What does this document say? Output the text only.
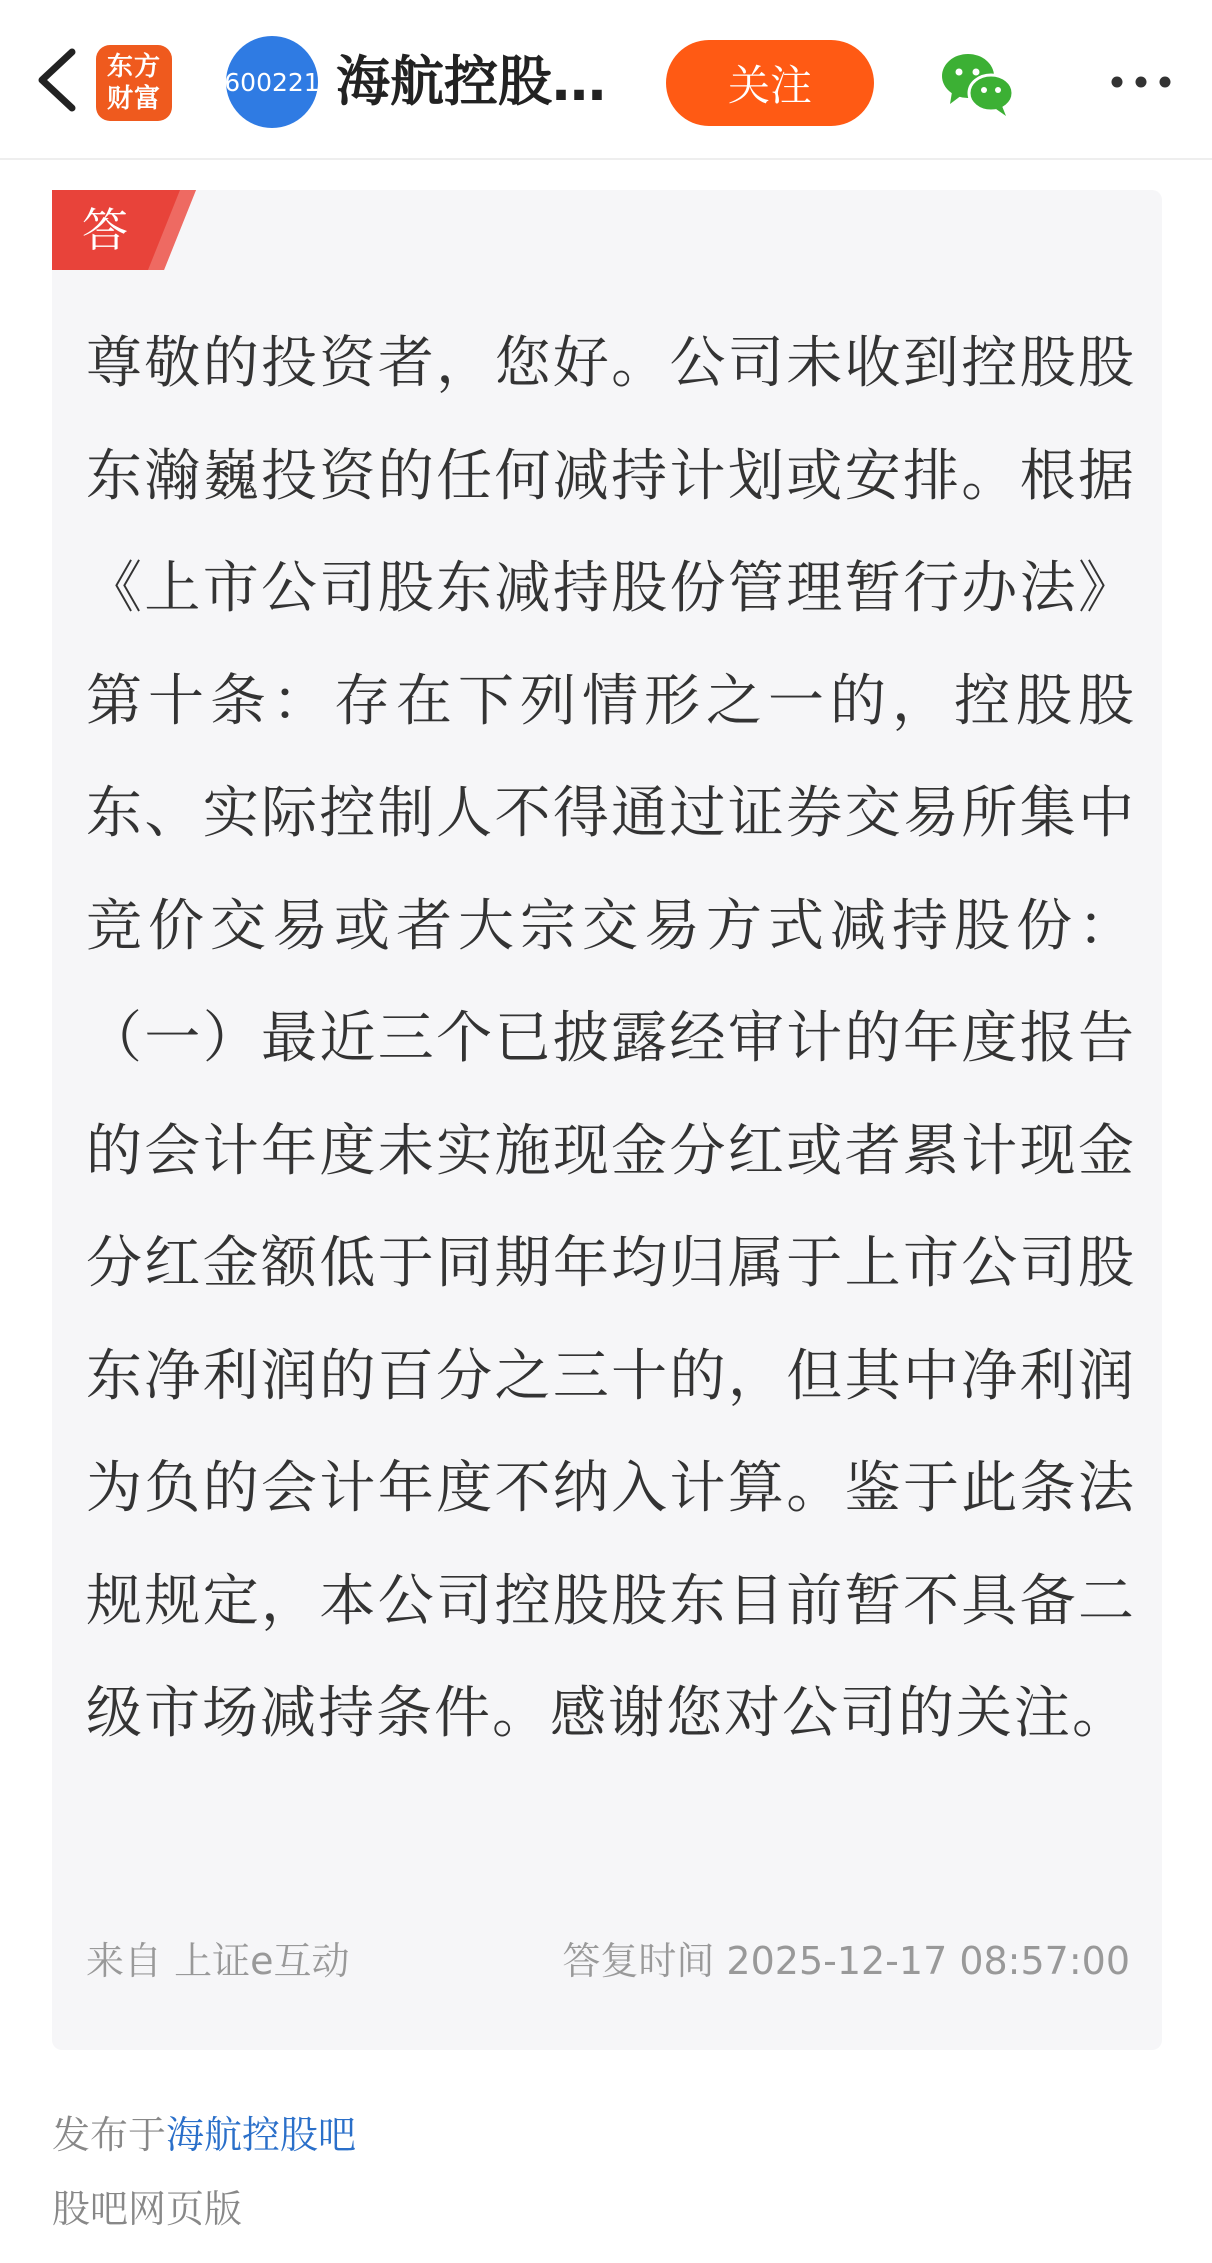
东方
财富
600221 海航控股…	关注
答
尊敬的投资者，您好。公司未收到控股股东瀚巍投资的任何减持计划或安排。根据《上市公司股东减持股份管理暂行办法》第十条：存在下列情形之一的，控股股东、实际控制人不得通过证券交易所集中竞价交易或者大宗交易方式减持股份：（一）最近三个已披露经审计的年度报告的会计年度未实施现金分红或者累计现金分红金额低于同期年均归属于上市公司股东净利润的百分之三十的，但其中净利润为负的会计年度不纳入计算。鉴于此条法规规定，本公司控股股东目前暂不具备二级市场减持条件。感谢您对公司的关注。
来自 上证e互动	答复时间 2025-12-17 08:57:00
发布于海航控股吧
股吧网页版
